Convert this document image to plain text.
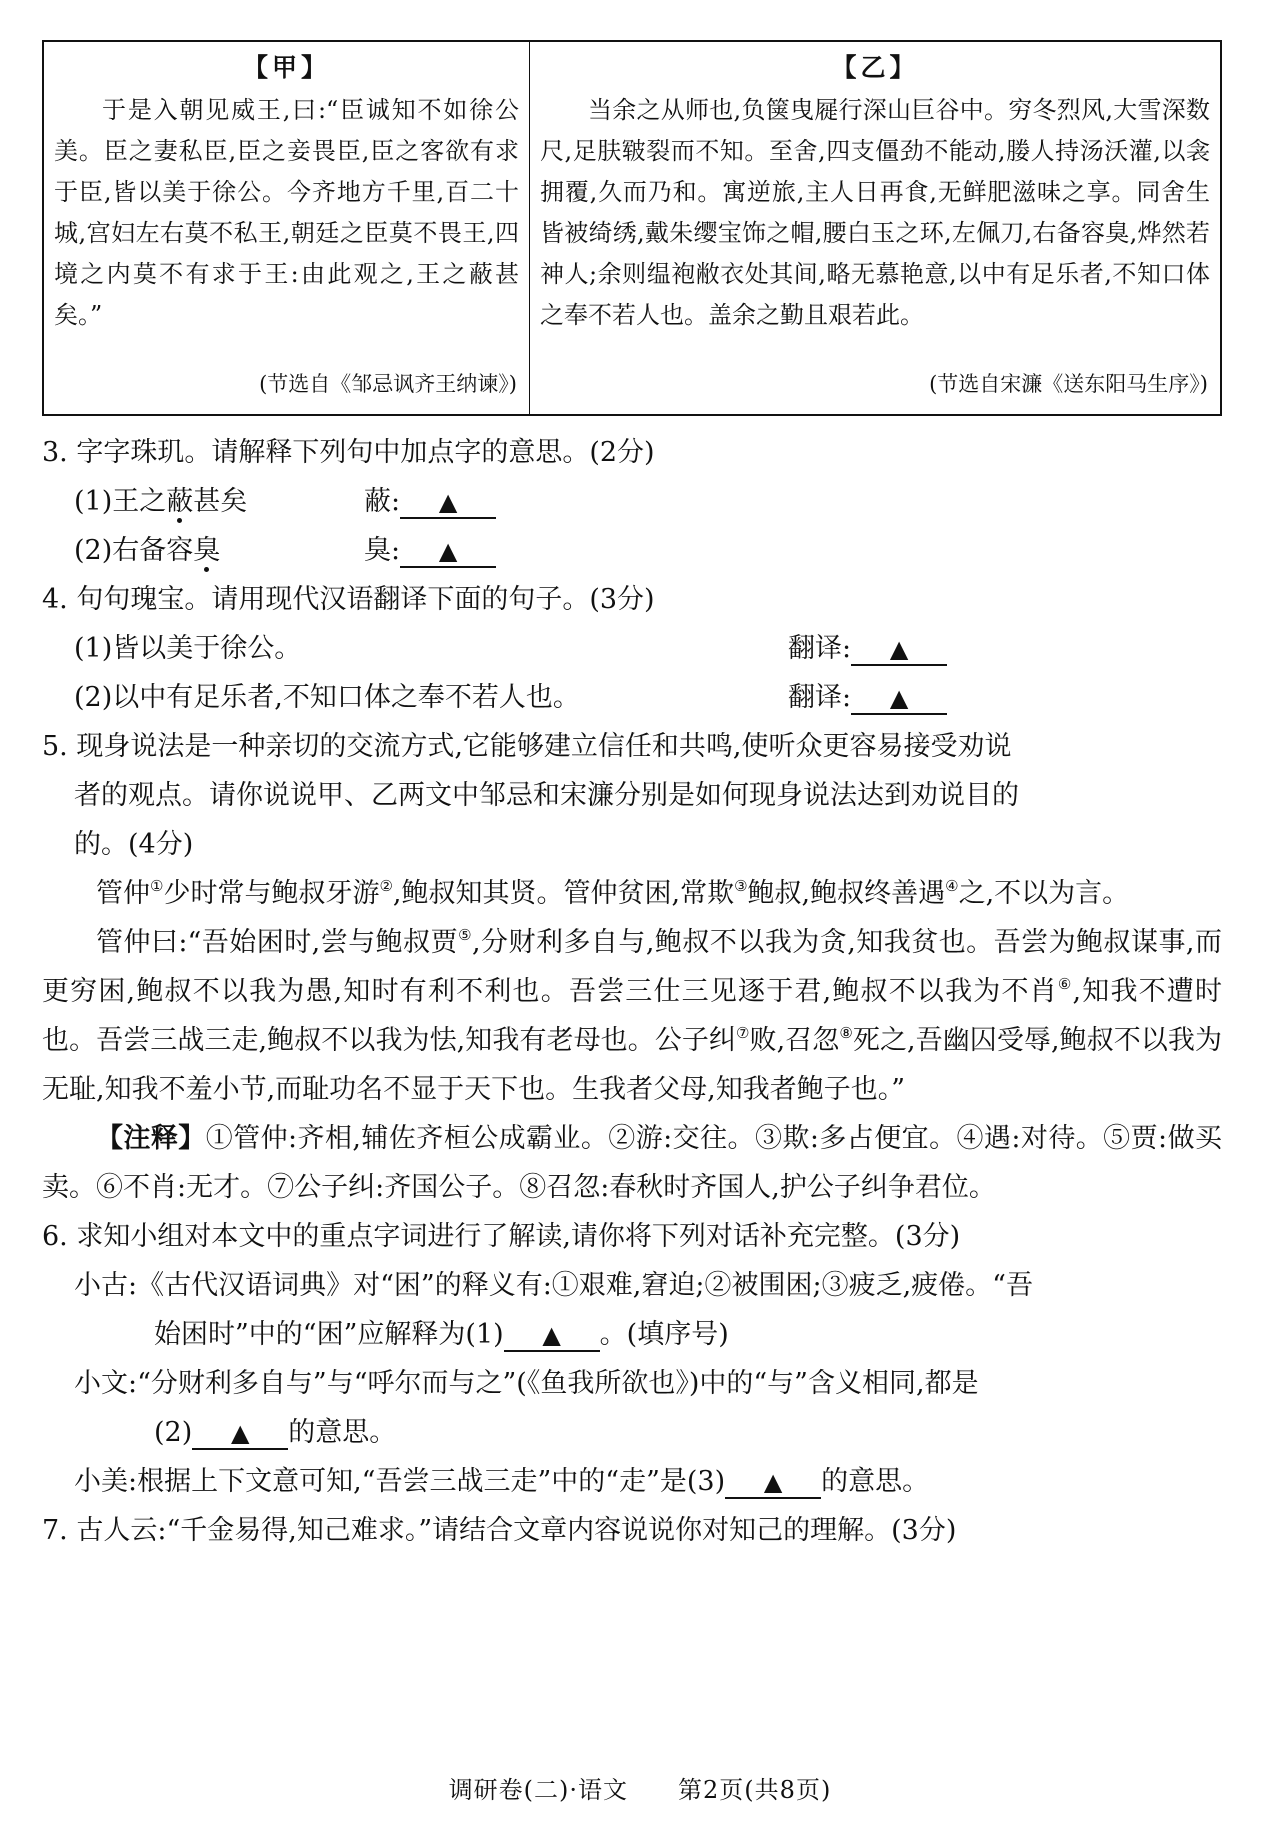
【甲】

于是入朝见威王,曰:“臣诚知不如徐公美。臣之妻私臣,臣之妾畏臣,臣之客欲有求于臣,皆以美于徐公。今齐地方千里,百二十城,宫妇左右莫不私王,朝廷之臣莫不畏王,四境之内莫不有求于王:由此观之,王之蔽甚矣。”

(节选自《邹忌讽齐王纳谏》)
【乙】

当余之从师也,负箧曳屣行深山巨谷中。穷冬烈风,大雪深数尺,足肤皲裂而不知。至舍,四支僵劲不能动,媵人持汤沃灌,以衾拥覆,久而乃和。寓逆旅,主人日再食,无鲜肥滋味之享。同舍生皆被绮绣,戴朱缨宝饰之帽,腰白玉之环,左佩刀,右备容臭,烨然若神人;余则缊袍敝衣处其间,略无慕艳意,以中有足乐者,不知口体之奉不若人也。盖余之勤且艰若此。

(节选自宋濂《送东阳马生序》)
3. 字字珠玑。请解释下列句中加点字的意思。(2分)
(1)王之蔽甚矣	蔽: ▲
(2)右备容臭	臭: ▲
4. 句句瑰宝。请用现代汉语翻译下面的句子。(3分)
(1)皆以美于徐公。	翻译: ▲
(2)以中有足乐者,不知口体之奉不若人也。	翻译: ▲
5. 现身说法是一种亲切的交流方式,它能够建立信任和共鸣,使听众更容易接受劝说
者的观点。请你说说甲、乙两文中邹忌和宋濂分别是如何现身说法达到劝说目的
的。(4分)
管仲①少时常与鲍叔牙游②,鲍叔知其贤。管仲贫困,常欺③鲍叔,鲍叔终善遇④之,不以为言。
管仲曰:“吾始困时,尝与鲍叔贾⑤,分财利多自与,鲍叔不以我为贪,知我贫也。吾尝为鲍叔谋事,而更穷困,鲍叔不以我为愚,知时有利不利也。吾尝三仕三见逐于君,鲍叔不以我为不肖⑥,知我不遭时也。吾尝三战三走,鲍叔不以我为怯,知我有老母也。公子纠⑦败,召忽⑧死之,吾幽囚受辱,鲍叔不以我为无耻,知我不羞小节,而耻功名不显于天下也。生我者父母,知我者鲍子也。”
【注释】①管仲:齐相,辅佐齐桓公成霸业。②游:交往。③欺:多占便宜。④遇:对待。⑤贾:做买卖。⑥不肖:无才。⑦公子纠:齐国公子。⑧召忽:春秋时齐国人,护公子纠争君位。
6. 求知小组对本文中的重点字词进行了解读,请你将下列对话补充完整。(3分)
小古:《古代汉语词典》对“困”的释义有:①艰难,窘迫;②被围困;③疲乏,疲倦。“吾
始困时”中的“困”应解释为(1) ▲ 。(填序号)
小文:“分财利多自与”与“呼尔而与之”(《鱼我所欲也》)中的“与”含义相同,都是
(2) ▲ 的意思。
小美:根据上下文意可知,“吾尝三战三走”中的“走”是(3) ▲ 的意思。
7. 古人云:“千金易得,知己难求。”请结合文章内容说说你对知己的理解。(3分)
调研卷(二)·语文　　第2页(共8页)
